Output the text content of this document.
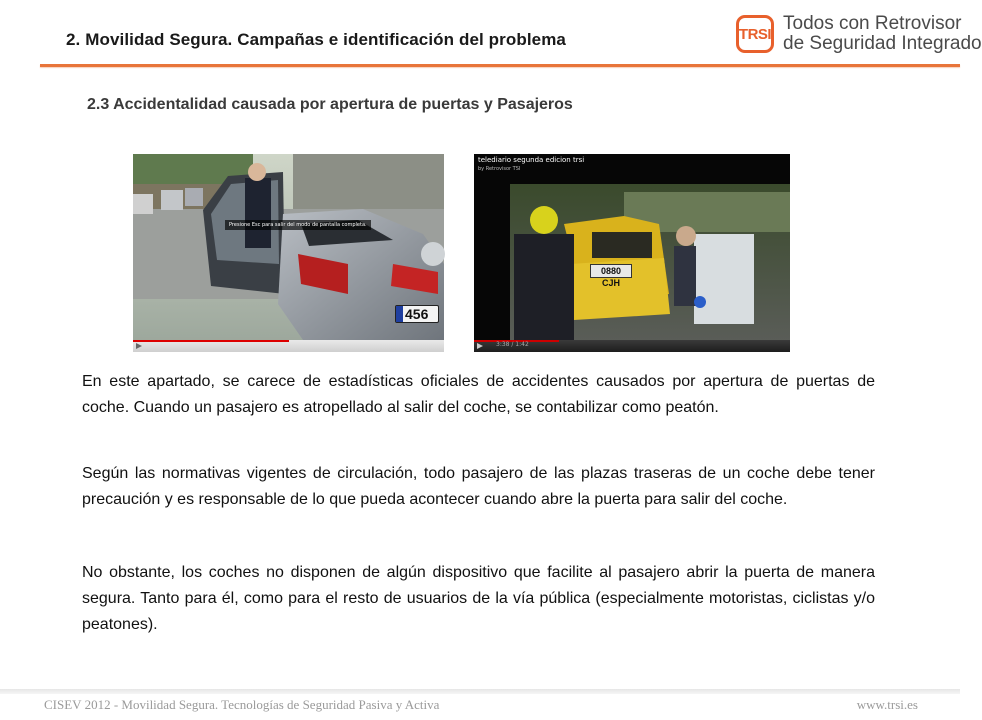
2. Movilidad Segura. Campañas e identificación del problema	TRSI Todos con Retrovisor
de Seguridad Integrado
2.3 Accidentalidad causada por apertura de puertas y Pasajeros
Presione Esc para salir del modo de pantalla completa.
456
telediario segunda edicion trsi
by Retrovisor TSI
0880 CJH
3:38 / 1:42
En este apartado, se carece de estadísticas oficiales de accidentes causados por apertura de puertas de coche. Cuando un pasajero es atropellado al salir del coche, se contabilizar como peatón.
Según las normativas vigentes de circulación, todo pasajero de las plazas traseras de un coche debe tener precaución y es responsable de lo que pueda acontecer cuando abre la puerta para salir del coche.
No obstante, los coches no disponen de algún dispositivo que facilite al pasajero abrir la puerta de manera segura. Tanto para él, como para el resto de usuarios de la vía pública (especialmente motoristas, ciclistas y/o peatones).
CISEV 2012 - Movilidad Segura. Tecnologías de Seguridad Pasiva y Activa	www.trsi.es
